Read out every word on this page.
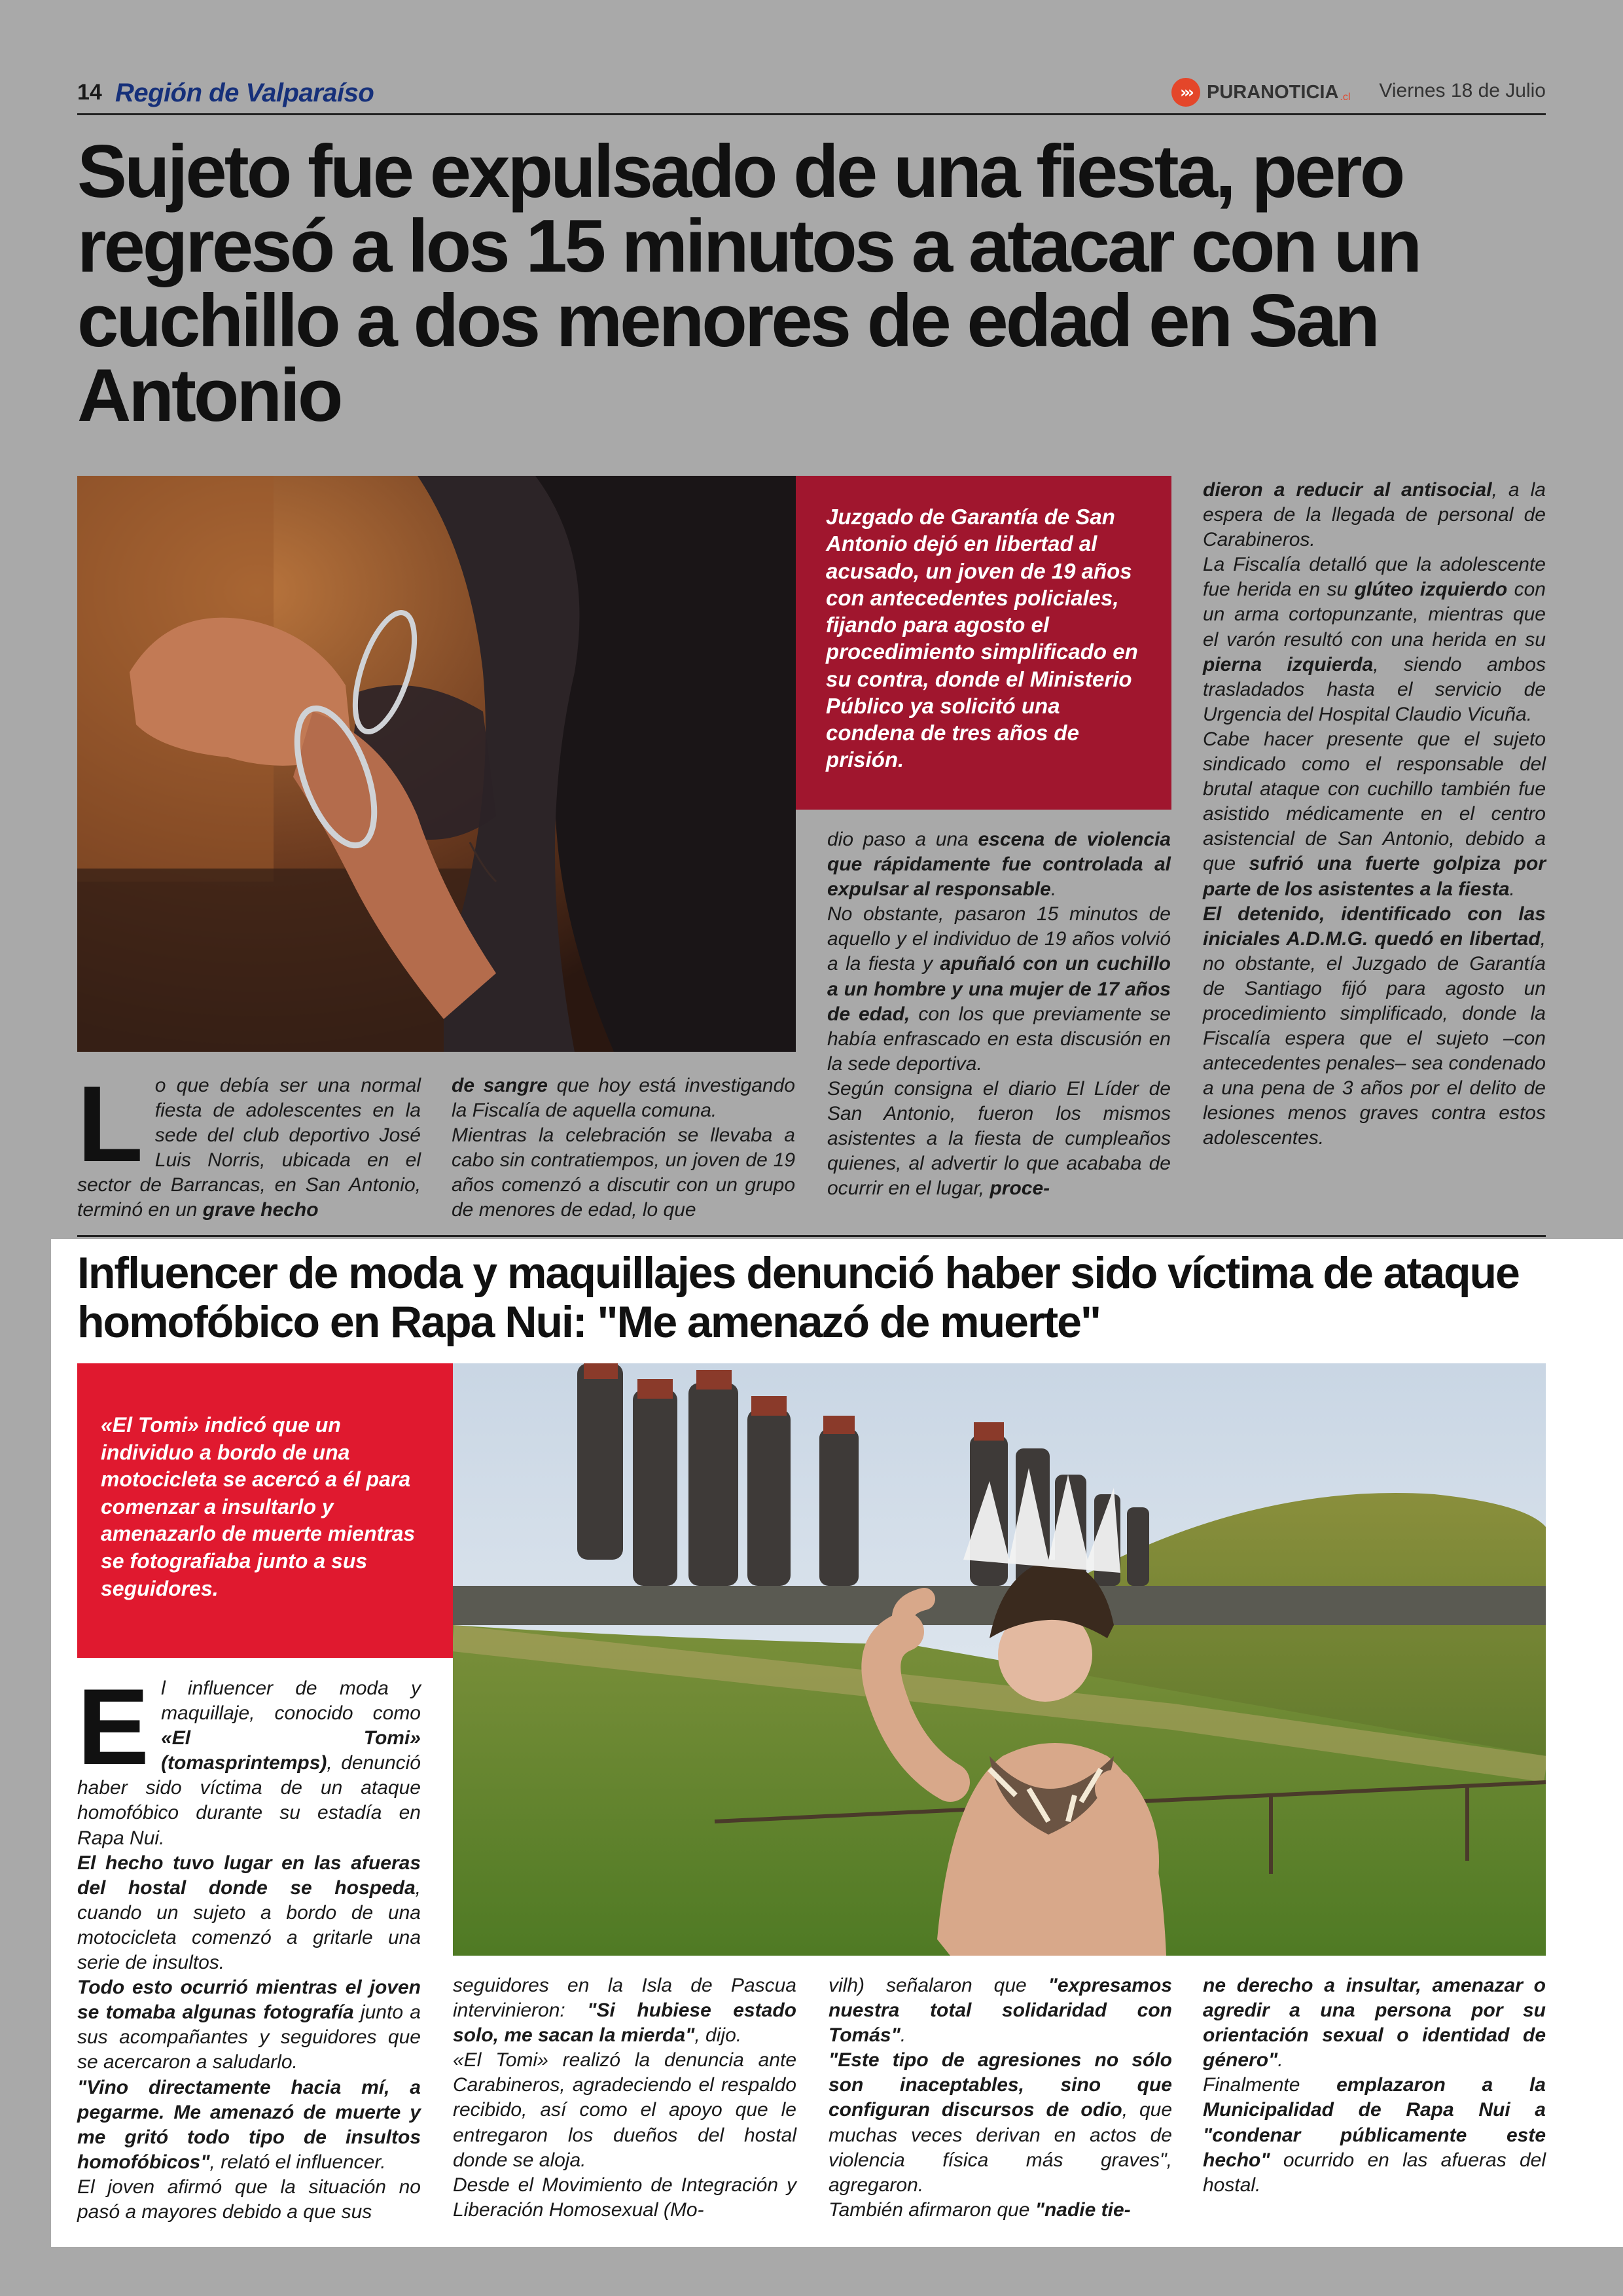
14 Región de Valparaíso	››› PURANOTICIA .cl Viernes 18 de Julio
Sujeto fue expulsado de una fiesta, pero regresó a los 15 minutos a atacar con un cuchillo a dos menores de edad en San Antonio
Juzgado de Garantía de San Antonio dejó en libertad al acusado, un joven de 19 años con antecedentes policiales, fijando para agosto el procedimiento simplificado en su contra, donde el Ministerio Público ya solicitó una condena de tres años de prisión.

Lo que debía ser una normal fiesta de adolescentes en la sede del club deportivo José Luis Norris, ubicada en el sector de Barrancas, en San Antonio, terminó en un grave hecho

de sangre que hoy está investigando la Fiscalía de aquella comuna.
Mientras la celebración se llevaba a cabo sin contratiempos, un joven de 19 años comenzó a discutir con un grupo de menores de edad, lo que

dio paso a una escena de violencia que rápidamente fue controlada al expulsar al responsable.
No obstante, pasaron 15 minutos de aquello y el individuo de 19 años volvió a la fiesta y apuñaló con un cuchillo a un hombre y una mujer de 17 años de edad, con los que previamente se había enfrascado en esta discusión en la sede deportiva.
Según consigna el diario El Líder de San Antonio, fueron los mismos asistentes a la fiesta de cumpleaños quienes, al advertir lo que acababa de ocurrir en el lugar, proce-

dieron a reducir al antisocial, a la espera de la llegada de personal de Carabineros.
La Fiscalía detalló que la adolescente fue herida en su glúteo izquierdo con un arma cortopunzante, mientras que el varón resultó con una herida en su pierna izquierda, siendo ambos trasladados hasta el servicio de Urgencia del Hospital Claudio Vicuña.
Cabe hacer presente que el sujeto sindicado como el responsable del brutal ataque con cuchillo también fue asistido médicamente en el centro asistencial de San Antonio, debido a que sufrió una fuerte golpiza por parte de los asistentes a la fiesta.
El detenido, identificado con las iniciales A.D.M.G. quedó en libertad, no obstante, el Juzgado de Garantía de Santiago fijó para agosto un procedimiento simplificado, donde la Fiscalía espera que el sujeto –con antecedentes penales– sea condenado a una pena de 3 años por el delito de lesiones menos graves contra estos adolescentes.

Influencer de moda y maquillajes denunció haber sido víctima de ataque homofóbico en Rapa Nui: "Me amenazó de muerte"
«El Tomi» indicó que un individuo a bordo de una motocicleta se acercó a él para comenzar a insultarlo y amenazarlo de muerte mientras se fotografiaba junto a sus seguidores.

El influencer de moda y maquillaje, conocido como «El Tomi» (tomasprintemps), denunció haber sido víctima de un ataque homofóbico durante su estadía en Rapa Nui.
El hecho tuvo lugar en las afueras del hostal donde se hospeda, cuando un sujeto a bordo de una motocicleta comenzó a gritarle una serie de insultos.
Todo esto ocurrió mientras el joven se tomaba algunas fotografía junto a sus acompañantes y seguidores que se acercaron a saludarlo.
"Vino directamente hacia mí, a pegarme. Me amenazó de muerte y me gritó todo tipo de insultos homofóbicos", relató el influencer.
El joven afirmó que la situación no pasó a mayores debido a que sus

seguidores en la Isla de Pascua intervinieron: "Si hubiese estado solo, me sacan la mierda", dijo.
«El Tomi» realizó la denuncia ante Carabineros, agradeciendo el respaldo recibido, así como el apoyo que le entregaron los dueños del hostal donde se aloja.
Desde el Movimiento de Integración y Liberación Homosexual (Mo-

vilh) señalaron que "expresamos nuestra total solidaridad con Tomás".
"Este tipo de agresiones no sólo son inaceptables, sino que configuran discursos de odio, que muchas veces derivan en actos de violencia física más graves", agregaron.
También afirmaron que "nadie tie-

ne derecho a insultar, amenazar o agredir a una persona por su orientación sexual o identidad de género".
Finalmente emplazaron a la Municipalidad de Rapa Nui a "condenar públicamente este hecho" ocurrido en las afueras del hostal.
